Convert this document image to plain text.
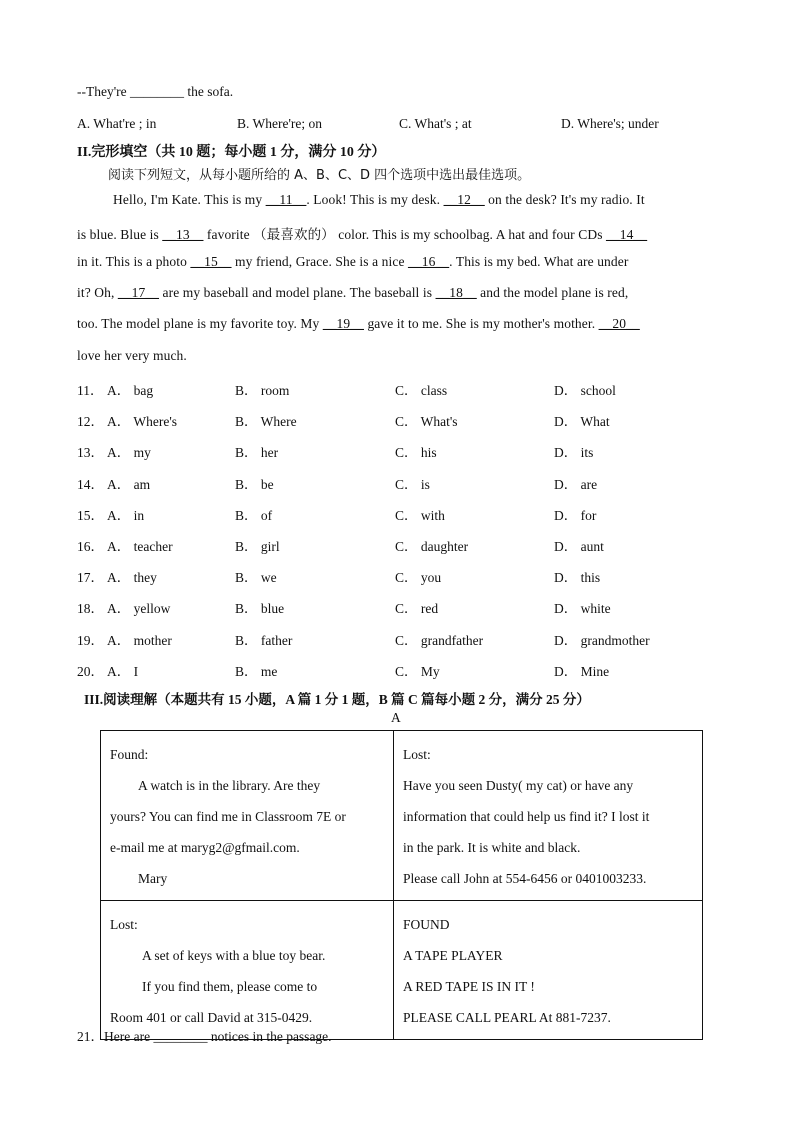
--They're ________ the sofa.
A. What're ; in	B. Where're; on	C. What's ; at	D. Where's; under
II.完形填空（共 10 题；每小题 1 分，满分 10 分）
阅读下列短文，从每小题所给的 A、B、C、D 四个选项中选出最佳选项。
Hello, I'm Kate. This is my __11__. Look! This is my desk. __12__ on the desk? It's my radio. It
is blue. Blue is __13__ favorite （最喜欢的） color. This is my schoolbag. A hat and four CDs __14__
in it. This is a photo __15__ my friend, Grace. She is a nice __16__. This is my bed. What are under
it? Oh, __17__ are my baseball and model plane. The baseball is __18__ and the model plane is red,
too. The model plane is my favorite toy. My __19__ gave it to me. She is my mother's mother. __20__
love her very much.
11． A． bag	B． room	C． class	D． school
12． A． Where's	B． Where	C． What's	D． What
13． A． my	B． her	C． his	D． its
14． A． am	B． be	C． is	D． are
15． A． in	B． of	C． with	D． for
16． A． teacher	B． girl	C． daughter	D． aunt
17． A． they	B． we	C． you	D． this
18． A． yellow	B． blue	C． red	D． white
19． A． mother	B． father	C． grandfather	D． grandmother
20． A． I	B． me	C． My	D． Mine
III.阅读理解（本题共有 15 小题，A 篇 1 分 1 题，B 篇 C 篇每小题 2 分，满分 25 分）
A
Found:

A watch is in the library. Are they
yours? You can find me in Classroom 7E or
e-mail me at maryg2@gfmail.com.

Mary	Lost:
Have you seen Dusty( my cat) or have any
information that could help us find it? I lost it
in the park. It is white and black.
Please call John at 554-6456 or 0401003233.
Lost:

A set of keys with a blue toy bear.
If you find them, please come to
Room 401 or call David at 315-0429.	FOUND
A TAPE PLAYER
A RED TAPE IS IN IT !
PLEASE CALL PEARL At 881-7237.
21．Here are ________ notices in the passage.
